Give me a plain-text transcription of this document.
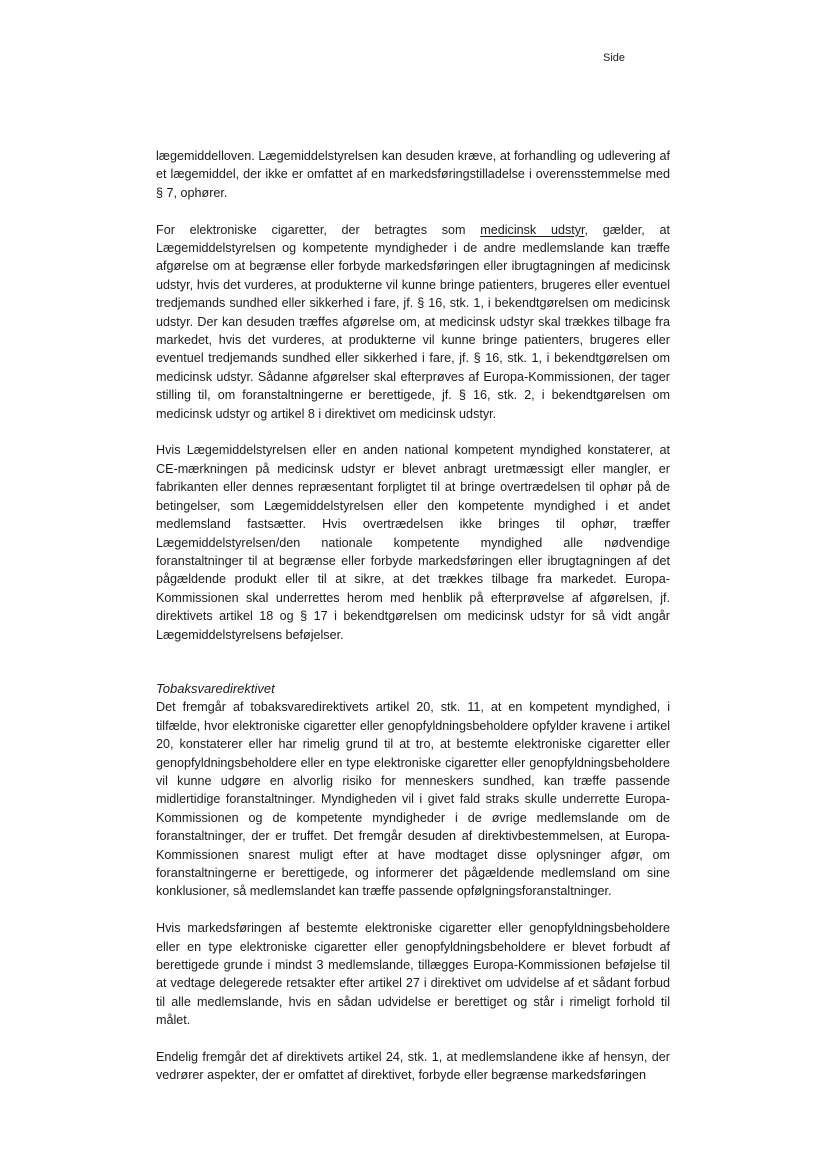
Side

lægemiddelloven. Lægemiddelstyrelsen kan desuden kræve, at forhandling og udlevering af et lægemiddel, der ikke er omfattet af en markedsføringstilladelse i overensstemmelse med § 7, ophører.

For elektroniske cigaretter, der betragtes som medicinsk udstyr, gælder, at Lægemiddelstyrelsen og kompetente myndigheder i de andre medlemslande kan træffe afgørelse om at begrænse eller forbyde markedsføringen eller ibrugtagningen af medicinsk udstyr, hvis det vurderes, at produkterne vil kunne bringe patienters, brugeres eller eventuel tredjemands sundhed eller sikkerhed i fare, jf. § 16, stk. 1, i bekendtgørelsen om medicinsk udstyr. Der kan desuden træffes afgørelse om, at medicinsk udstyr skal trækkes tilbage fra markedet, hvis det vurderes, at produkterne vil kunne bringe patienters, brugeres eller eventuel tredjemands sundhed eller sikkerhed i fare, jf. § 16, stk. 1, i bekendtgørelsen om medicinsk udstyr. Sådanne afgørelser skal efterprøves af Europa-Kommissionen, der tager stilling til, om foranstaltningerne er berettigede, jf. § 16, stk. 2, i bekendtgørelsen om medicinsk udstyr og artikel 8 i direktivet om medicinsk udstyr.

Hvis Lægemiddelstyrelsen eller en anden national kompetent myndighed konstaterer, at CE-mærkningen på medicinsk udstyr er blevet anbragt uretmæssigt eller mangler, er fabrikanten eller dennes repræsentant forpligtet til at bringe overtrædelsen til ophør på de betingelser, som Lægemiddelstyrelsen eller den kompetente myndighed i et andet medlemsland fastsætter. Hvis overtrædelsen ikke bringes til ophør, træffer Lægemiddelstyrelsen/den nationale kompetente myndighed alle nødvendige foranstaltninger til at begrænse eller forbyde markedsføringen eller ibrugtagningen af det pågældende produkt eller til at sikre, at det trækkes tilbage fra markedet. Europa-Kommissionen skal underrettes herom med henblik på efterprøvelse af afgørelsen, jf. direktivets artikel 18 og § 17 i bekendtgørelsen om medicinsk udstyr for så vidt angår Lægemiddelstyrelsens beføjelser.

Tobaksvaredirektivet

Det fremgår af tobaksvaredirektivets artikel 20, stk. 11, at en kompetent myndighed, i tilfælde, hvor elektroniske cigaretter eller genopfyldningsbeholdere opfylder kravene i artikel 20, konstaterer eller har rimelig grund til at tro, at bestemte elektroniske cigaretter eller genopfyldningsbeholdere eller en type elektroniske cigaretter eller genopfyldningsbeholdere vil kunne udgøre en alvorlig risiko for menneskers sundhed, kan træffe passende midlertidige foranstaltninger. Myndigheden vil i givet fald straks skulle underrette Europa-Kommissionen og de kompetente myndigheder i de øvrige medlemslande om de foranstaltninger, der er truffet. Det fremgår desuden af direktivbestemmelsen, at Europa-Kommissionen snarest muligt efter at have modtaget disse oplysninger afgør, om foranstaltningerne er berettigede, og informerer det pågældende medlemsland om sine konklusioner, så medlemslandet kan træffe passende opfølgningsforanstaltninger.

Hvis markedsføringen af bestemte elektroniske cigaretter eller genopfyldningsbeholdere eller en type elektroniske cigaretter eller genopfyldningsbeholdere er blevet forbudt af berettigede grunde i mindst 3 medlemslande, tillægges Europa-Kommissionen beføjelse til at vedtage delegerede retsakter efter artikel 27 i direktivet om udvidelse af et sådant forbud til alle medlemslande, hvis en sådan udvidelse er berettiget og står i rimeligt forhold til målet.

Endelig fremgår det af direktivets artikel 24, stk. 1, at medlemslandene ikke af hensyn, der vedrører aspekter, der er omfattet af direktivet, forbyde eller begrænse markedsføringen
